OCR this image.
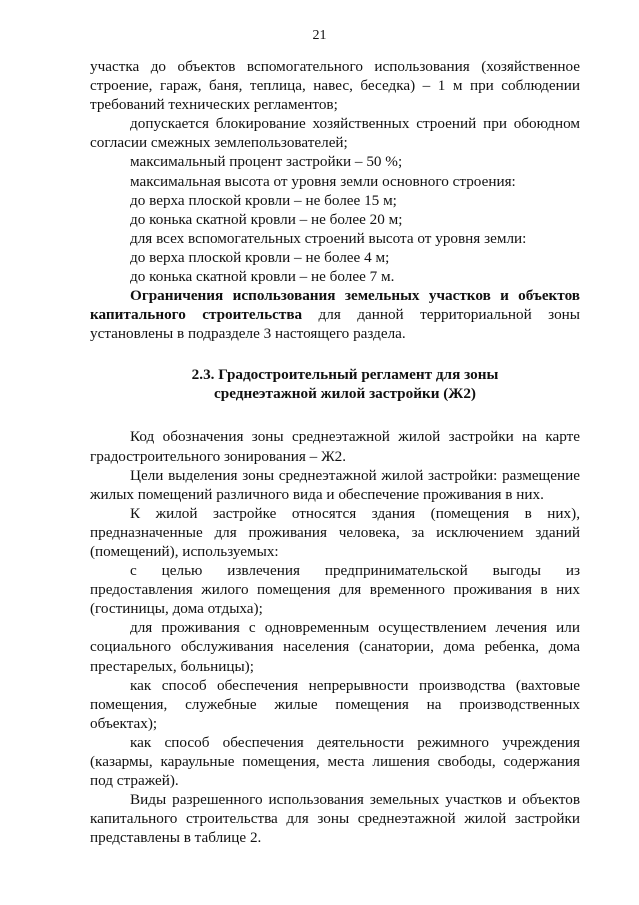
21

участка до объектов вспомогательного использования (хозяйственное строение, гараж, баня, теплица, навес, беседка) – 1 м при соблюдении требований технических регламентов;

допускается блокирование хозяйственных строений при обоюдном согласии смежных землепользователей;

максимальный процент застройки – 50 %;

максимальная высота от уровня земли основного строения:

до верха плоской кровли – не более 15 м;

до конька скатной кровли – не более 20 м;

для всех вспомогательных строений высота от уровня земли:

до верха плоской кровли – не более 4 м;

до конька скатной кровли – не более 7 м.

Ограничения использования земельных участков и объектов капитального строительства для данной территориальной зоны установлены в подразделе 3 настоящего раздела.

2.3. Градостроительный регламент для зоны среднеэтажной жилой застройки (Ж2)

Код обозначения зоны среднеэтажной жилой застройки на карте градостроительного зонирования – Ж2.

Цели выделения зоны среднеэтажной жилой застройки: размещение жилых помещений различного вида и обеспечение проживания в них.

К жилой застройке относятся здания (помещения в них), предназначенные для проживания человека, за исключением зданий (помещений), используемых:

с целью извлечения предпринимательской выгоды из предоставления жилого помещения для временного проживания в них (гостиницы, дома отдыха);

для проживания с одновременным осуществлением лечения или социального обслуживания населения (санатории, дома ребенка, дома престарелых, больницы);

как способ обеспечения непрерывности производства (вахтовые помещения, служебные жилые помещения на производственных объектах);

как способ обеспечения деятельности режимного учреждения (казармы, караульные помещения, места лишения свободы, содержания под стражей).

Виды разрешенного использования земельных участков и объектов капитального строительства для зоны среднеэтажной жилой застройки представлены в таблице 2.
